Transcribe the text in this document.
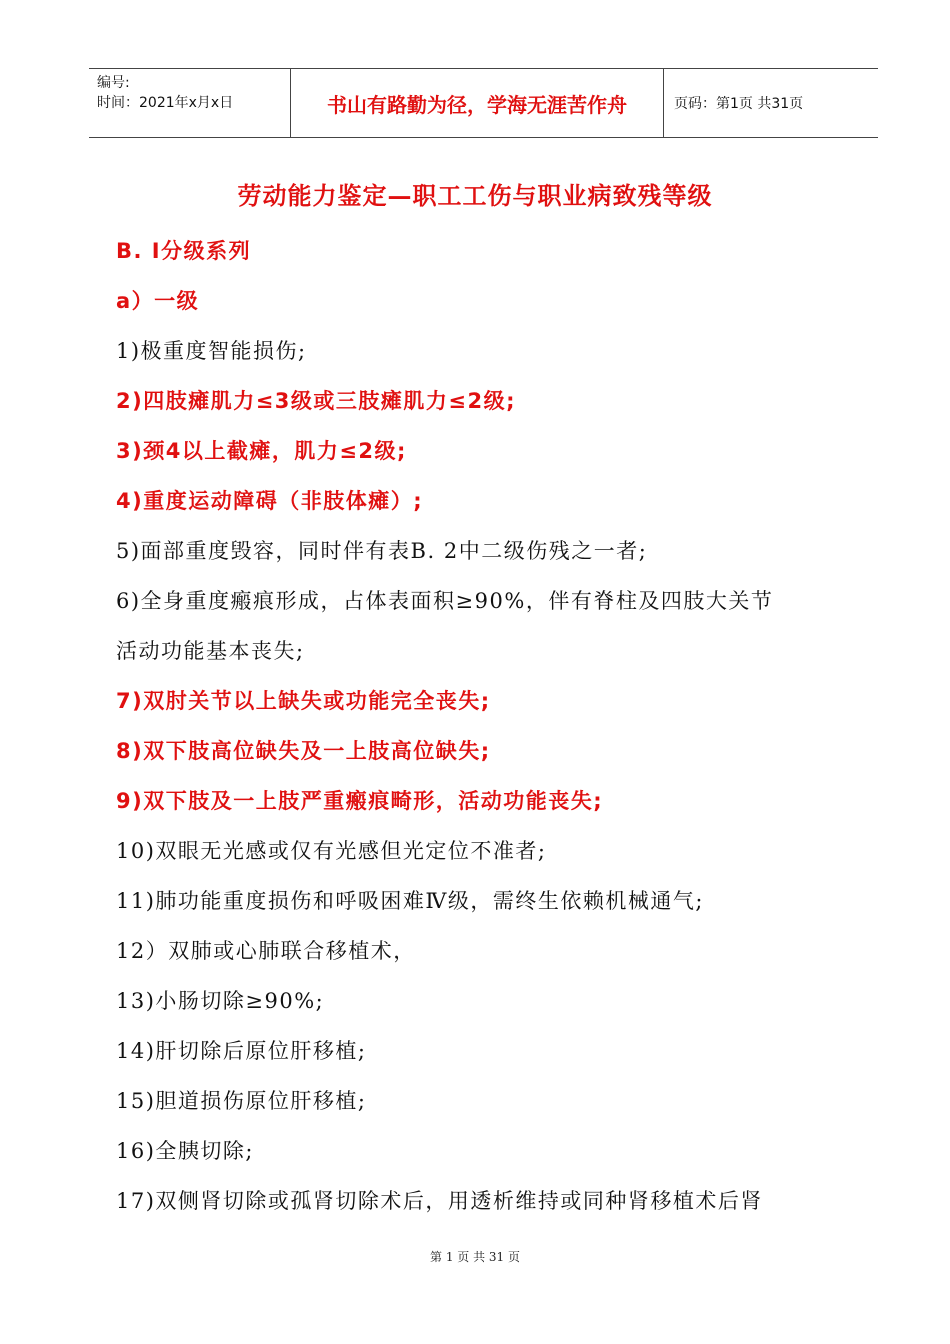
编号:
时间：2021年x月x日	书山有路勤为径，学海无涯苦作舟	页码：第1页 共31页
劳动能力鉴定—职工工伤与职业病致残等级
B. Ⅰ分级系列
a）一级
1)极重度智能损伤;
2)四肢瘫肌力≤3级或三肢瘫肌力≤2级;
3)颈4以上截瘫，肌力≤2级;
4)重度运动障碍（非肢体瘫）;
5)面部重度毁容，同时伴有表B. 2中二级伤残之一者;
6)全身重度瘢痕形成，占体表面积≥90%，伴有脊柱及四肢大关节
活动功能基本丧失;
7)双肘关节以上缺失或功能完全丧失;
8)双下肢高位缺失及一上肢高位缺失;
9)双下肢及一上肢严重瘢痕畸形，活动功能丧失;
10)双眼无光感或仅有光感但光定位不准者;
11)肺功能重度损伤和呼吸困难Ⅳ级，需终生依赖机械通气;
12）双肺或心肺联合移植术，
13)小肠切除≥90%;
14)肝切除后原位肝移植;
15)胆道损伤原位肝移植;
16)全胰切除;
17)双侧肾切除或孤肾切除术后，用透析维持或同种肾移植术后肾
第 1 页 共 31 页
